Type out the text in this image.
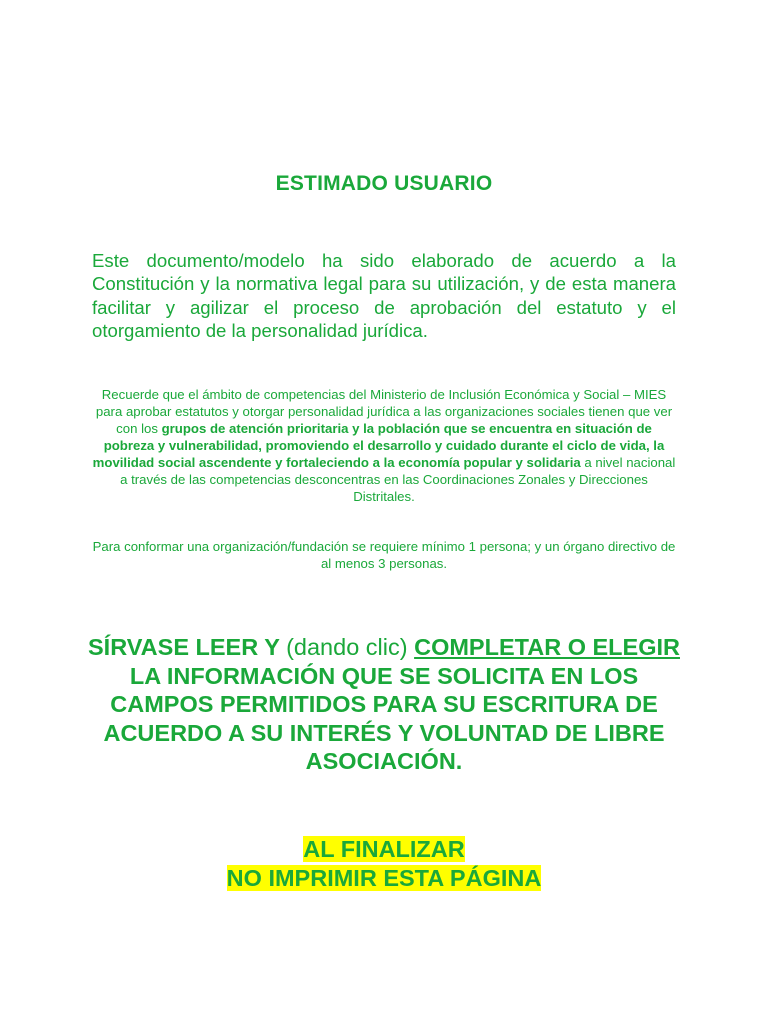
ESTIMADO USUARIO

Este documento/modelo ha sido elaborado de acuerdo a la Constitución y la normativa legal para su utilización, y de esta manera facilitar y agilizar el proceso de aprobación del estatuto y el otorgamiento de la personalidad jurídica.

Recuerde que el ámbito de competencias del Ministerio de Inclusión Económica y Social – MIES para aprobar estatutos y otorgar personalidad jurídica a las organizaciones sociales tienen que ver con los grupos de atención prioritaria y la población que se encuentra en situación de pobreza y vulnerabilidad, promoviendo el desarrollo y cuidado durante el ciclo de vida, la movilidad social ascendente y fortaleciendo a la economía popular y solidaria a nivel nacional a través de las competencias desconcentras en las Coordinaciones Zonales y Direcciones Distritales.

Para conformar una organización/fundación se requiere mínimo 1 persona; y un órgano directivo de al menos 3 personas.

SÍRVASE LEER Y (dando clic) COMPLETAR O ELEGIR LA INFORMACIÓN QUE SE SOLICITA EN LOS CAMPOS PERMITIDOS PARA SU ESCRITURA DE ACUERDO A SU INTERÉS Y VOLUNTAD DE LIBRE ASOCIACIÓN.

AL FINALIZAR
NO IMPRIMIR ESTA PÁGINA
